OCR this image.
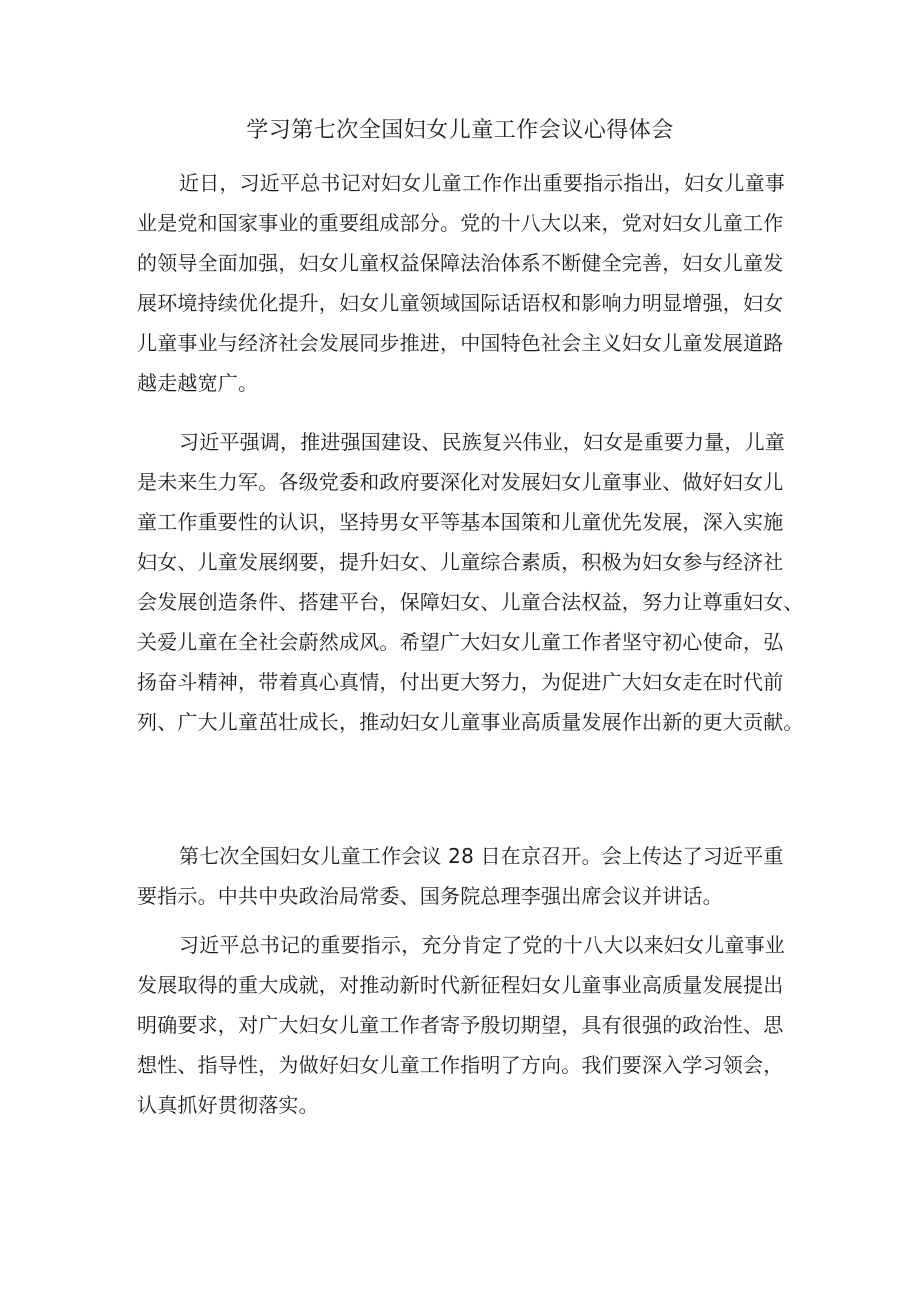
学习第七次全国妇女儿童工作会议心得体会

近日，习近平总书记对妇女儿童工作作出重要指示指出，妇女儿童事
业是党和国家事业的重要组成部分。党的十八大以来，党对妇女儿童工作
的领导全面加强，妇女儿童权益保障法治体系不断健全完善，妇女儿童发
展环境持续优化提升，妇女儿童领域国际话语权和影响力明显增强，妇女
儿童事业与经济社会发展同步推进，中国特色社会主义妇女儿童发展道路
越走越宽广。

习近平强调，推进强国建设、民族复兴伟业，妇女是重要力量，儿童
是未来生力军。各级党委和政府要深化对发展妇女儿童事业、做好妇女儿
童工作重要性的认识，坚持男女平等基本国策和儿童优先发展，深入实施
妇女、儿童发展纲要，提升妇女、儿童综合素质，积极为妇女参与经济社
会发展创造条件、搭建平台，保障妇女、儿童合法权益，努力让尊重妇女、
关爱儿童在全社会蔚然成风。希望广大妇女儿童工作者坚守初心使命，弘
扬奋斗精神，带着真心真情，付出更大努力，为促进广大妇女走在时代前
列、广大儿童茁壮成长，推动妇女儿童事业高质量发展作出新的更大贡献。

第七次全国妇女儿童工作会议 28 日在京召开。会上传达了习近平重
要指示。中共中央政治局常委、国务院总理李强出席会议并讲话。

习近平总书记的重要指示，充分肯定了党的十八大以来妇女儿童事业
发展取得的重大成就，对推动新时代新征程妇女儿童事业高质量发展提出
明确要求，对广大妇女儿童工作者寄予殷切期望，具有很强的政治性、思
想性、指导性，为做好妇女儿童工作指明了方向。我们要深入学习领会，
认真抓好贯彻落实。
